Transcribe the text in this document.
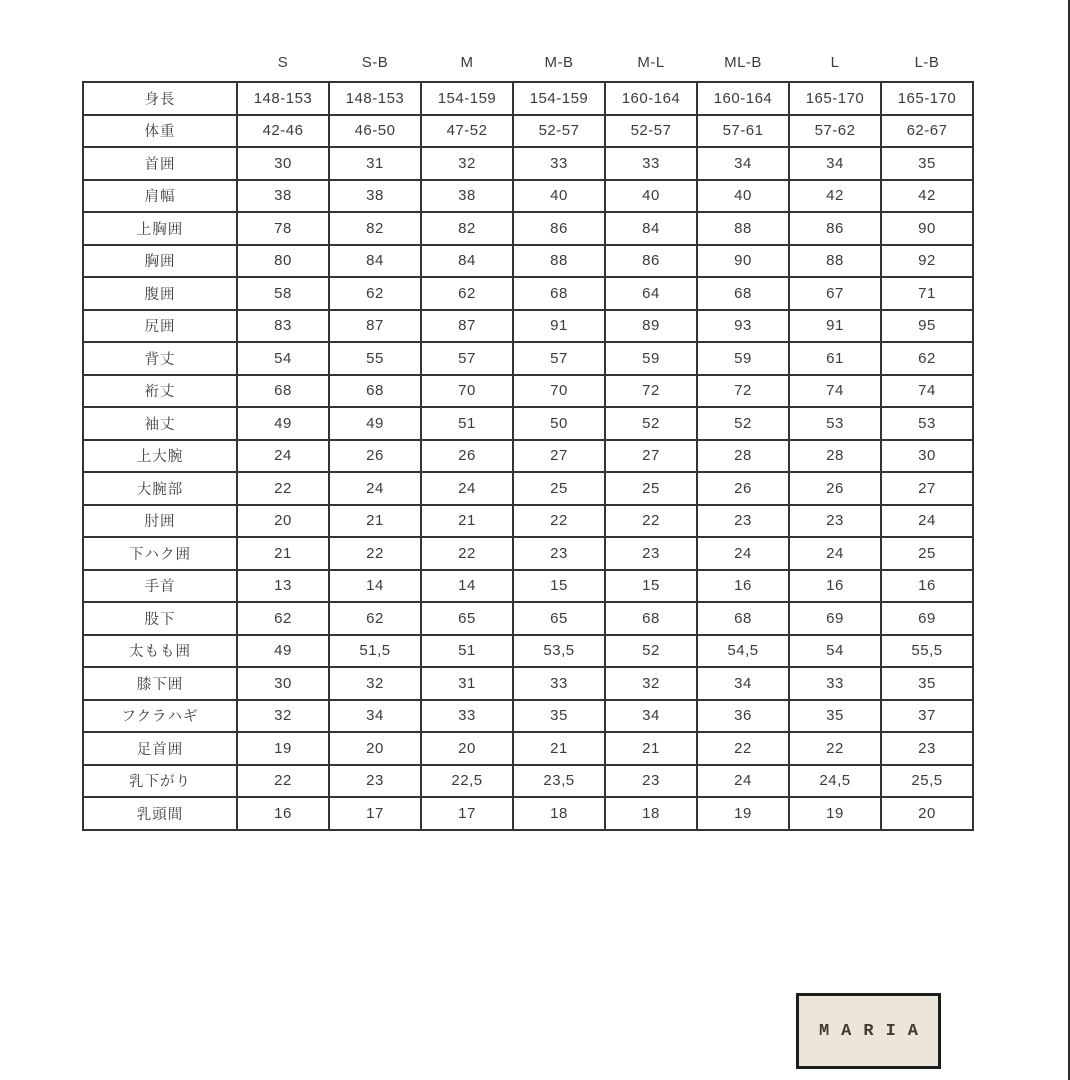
	S	S-B	M	M-B	M-L	ML-B	L	L-B
身長	148-153	148-153	154-159	154-159	160-164	160-164	165-170	165-170
体重	42-46	46-50	47-52	52-57	52-57	57-61	57-62	62-67
首囲	30	31	32	33	33	34	34	35
肩幅	38	38	38	40	40	40	42	42
上胸囲	78	82	82	86	84	88	86	90
胸囲	80	84	84	88	86	90	88	92
腹囲	58	62	62	68	64	68	67	71
尻囲	83	87	87	91	89	93	91	95
背丈	54	55	57	57	59	59	61	62
裄丈	68	68	70	70	72	72	74	74
袖丈	49	49	51	50	52	52	53	53
上大腕	24	26	26	27	27	28	28	30
大腕部	22	24	24	25	25	26	26	27
肘囲	20	21	21	22	22	23	23	24
下ハク囲	21	22	22	23	23	24	24	25
手首	13	14	14	15	15	16	16	16
股下	62	62	65	65	68	68	69	69
太もも囲	49	51,5	51	53,5	52	54,5	54	55,5
膝下囲	30	32	31	33	32	34	33	35
フクラハギ	32	34	33	35	34	36	35	37
足首囲	19	20	20	21	21	22	22	23
乳下がり	22	23	22,5	23,5	23	24	24,5	25,5
乳頭間	16	17	17	18	18	19	19	20
MARIA
